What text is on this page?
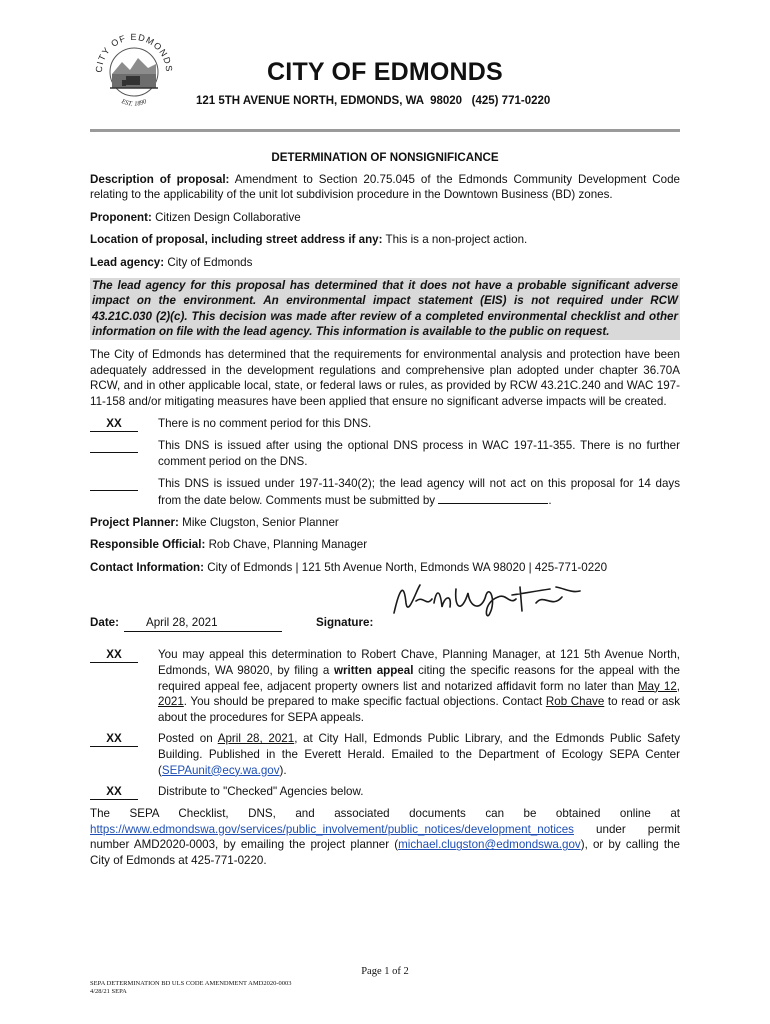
CITY OF EDMONDS
EST. 1890
CITY OF EDMONDS
121 5TH AVENUE NORTH, EDMONDS, WA  98020   (425) 771-0220
DETERMINATION OF NONSIGNIFICANCE

Description of proposal: Amendment to Section 20.75.045 of the Edmonds Community Development Code relating to the applicability of the unit lot subdivision procedure in the Downtown Business (BD) zones.

Proponent: Citizen Design Collaborative

Location of proposal, including street address if any: This is a non-project action.

Lead agency: City of Edmonds

The lead agency for this proposal has determined that it does not have a probable significant adverse impact on the environment. An environmental impact statement (EIS) is not required under RCW 43.21C.030 (2)(c). This decision was made after review of a completed environmental checklist and other information on file with the lead agency. This information is available to the public on request.

The City of Edmonds has determined that the requirements for environmental analysis and protection have been adequately addressed in the development regulations and comprehensive plan adopted under chapter 36.70A RCW, and in other applicable local, state, or federal laws or rules, as provided by RCW 43.21C.240 and WAC 197-11-158 and/or mitigating measures have been applied that ensure no significant adverse impacts will be created.

XX	There is no comment period for this DNS.
This DNS is issued after using the optional DNS process in WAC 197-11-355. There is no further comment period on the DNS.
This DNS is issued under 197-11-340(2); the lead agency will not act on this proposal for 14 days from the date below. Comments must be submitted by	.

Project Planner: Mike Clugston, Senior Planner

Responsible Official: Rob Chave, Planning Manager

Contact Information: City of Edmonds | 121 5th Avenue North, Edmonds WA 98020 | 425-771-0220

Date:	April 28, 2021	Signature:
XX	You may appeal this determination to Robert Chave, Planning Manager, at 121 5th Avenue North, Edmonds, WA 98020, by filing a written appeal citing the specific reasons for the appeal with the required appeal fee, adjacent property owners list and notarized affidavit form no later than May 12, 2021. You should be prepared to make specific factual objections. Contact Rob Chave to read or ask about the procedures for SEPA appeals.
XX	Posted on April 28, 2021, at City Hall, Edmonds Public Library, and the Edmonds Public Safety Building. Published in the Everett Herald. Emailed to the Department of Ecology SEPA Center (SEPAunit@ecy.wa.gov).
XX	Distribute to "Checked" Agencies below.

The SEPA Checklist, DNS, and associated documents can be obtained online at https://www.edmondswa.gov/services/public_involvement/public_notices/development_notices under permit number AMD2020-0003, by emailing the project planner (michael.clugston@edmondswa.gov), or by calling the City of Edmonds at 425-771-0220.

Page 1 of 2
SEPA DETERMINATION BD ULS CODE AMENDMENT AMD2020-0003
4/28/21 SEPA
